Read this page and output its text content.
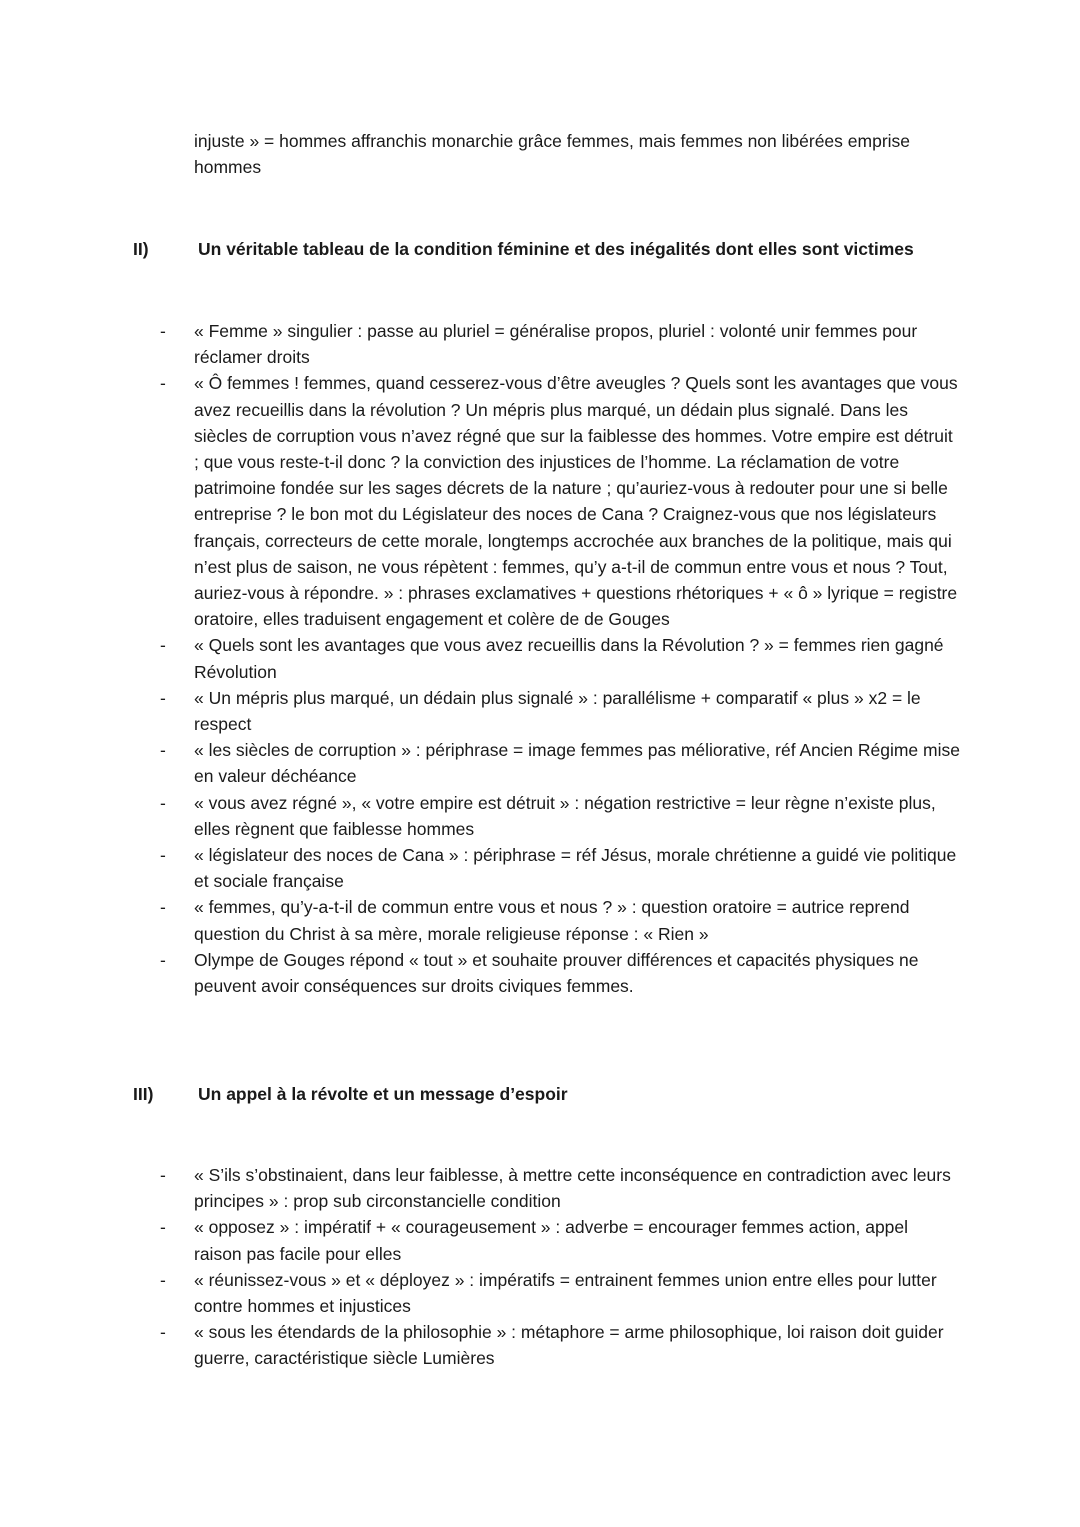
injuste » = hommes affranchis monarchie grâce femmes, mais femmes non libérées emprise hommes
II)	Un véritable tableau de la condition féminine et des inégalités dont elles sont victimes
- « Femme » singulier : passe au pluriel = généralise propos, pluriel : volonté unir femmes pour réclamer droits
- « Ô femmes ! femmes, quand cesserez-vous d’être aveugles ? Quels sont les avantages que vous avez recueillis dans la révolution ? Un mépris plus marqué, un dédain plus signalé. Dans les siècles de corruption vous n’avez régné que sur la faiblesse des hommes. Votre empire est détruit ; que vous reste-t-il donc ? la conviction des injustices de l’homme. La réclamation de votre patrimoine fondée sur les sages décrets de la nature ; qu’auriez-vous à redouter pour une si belle entreprise ? le bon mot du Législateur des noces de Cana ? Craignez-vous que nos législateurs français, correcteurs de cette morale, longtemps accrochée aux branches de la politique, mais qui n’est plus de saison, ne vous répètent : femmes, qu’y a-t-il de commun entre vous et nous ? Tout, auriez-vous à répondre. » : phrases exclamatives + questions rhétoriques + « ô » lyrique = registre oratoire, elles traduisent engagement et colère de de Gouges
- « Quels sont les avantages que vous avez recueillis dans la Révolution ? » = femmes rien gagné Révolution
- « Un mépris plus marqué, un dédain plus signalé » : parallélisme + comparatif « plus » x2 = le respect
- « les siècles de corruption » : périphrase = image femmes pas méliorative, réf Ancien Régime mise en valeur déchéance
- « vous avez régné », « votre empire est détruit » : négation restrictive = leur règne n’existe plus, elles règnent que faiblesse hommes
- « législateur des noces de Cana » : périphrase = réf Jésus, morale chrétienne a guidé vie politique et sociale française
- « femmes, qu’y-a-t-il de commun entre vous et nous ? » : question oratoire = autrice reprend question du Christ à sa mère, morale religieuse réponse : « Rien »
- Olympe de Gouges répond « tout » et souhaite prouver différences et capacités physiques ne peuvent avoir conséquences sur droits civiques femmes.
III)	Un appel à la révolte et un message d’espoir
- « S’ils s’obstinaient, dans leur faiblesse, à mettre cette inconséquence en contradiction avec leurs principes » : prop sub circonstancielle condition
- « opposez » : impératif + « courageusement » : adverbe = encourager femmes action, appel raison pas facile pour elles
- « réunissez-vous » et « déployez » : impératifs = entrainent femmes union entre elles pour lutter contre hommes et injustices
- « sous les étendards de la philosophie » : métaphore = arme philosophique, loi raison doit guider guerre, caractéristique siècle Lumières
